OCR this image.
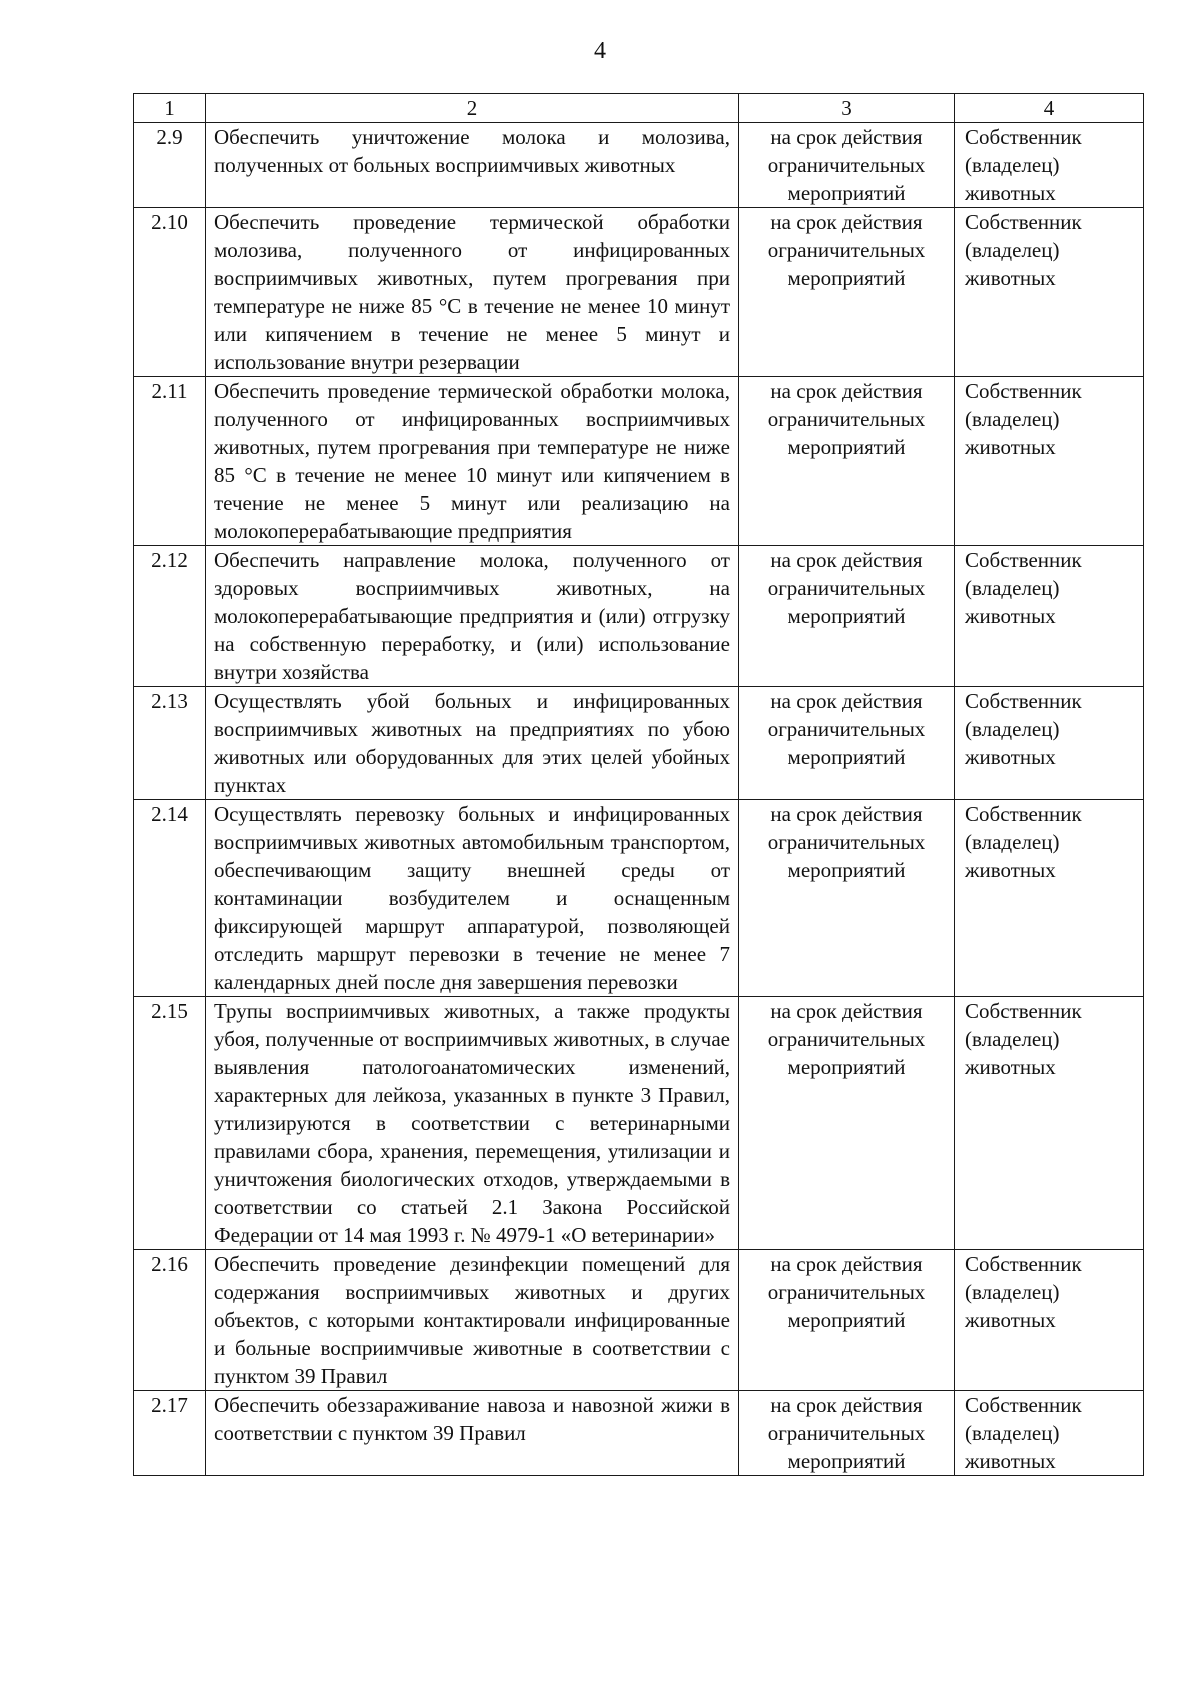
4
1	2	3	4
2.9	Обеспечить уничтожение молока и молозива, полученных от больных восприимчивых животных	на срок действия ограничительных мероприятий	Собственник (владелец) животных
2.10	Обеспечить проведение термической обработки молозива, полученного от инфицированных восприимчивых животных, путем прогревания при температуре не ниже 85 °С в течение не менее 10 минут или кипячением в течение не менее 5 минут и использование внутри резервации	на срок действия ограничительных мероприятий	Собственник (владелец) животных
2.11	Обеспечить проведение термической обработки молока, полученного от инфицированных восприимчивых животных, путем прогревания при температуре не ниже 85 °С в течение не менее 10 минут или кипячением в течение не менее 5 минут или реализацию на молокоперерабатывающие предприятия	на срок действия ограничительных мероприятий	Собственник (владелец) животных
2.12	Обеспечить направление молока, полученного от здоровых восприимчивых животных, на молокоперерабатывающие предприятия и (или) отгрузку на собственную переработку, и (или) использование внутри хозяйства	на срок действия ограничительных мероприятий	Собственник (владелец) животных
2.13	Осуществлять убой больных и инфицированных восприимчивых животных на предприятиях по убою животных или оборудованных для этих целей убойных пунктах	на срок действия ограничительных мероприятий	Собственник (владелец) животных
2.14	Осуществлять перевозку больных и инфицированных восприимчивых животных автомобильным транспортом, обеспечивающим защиту внешней среды от контаминации возбудителем и оснащенным фиксирующей маршрут аппаратурой, позволяющей отследить маршрут перевозки в течение не менее 7 календарных дней после дня завершения перевозки	на срок действия ограничительных мероприятий	Собственник (владелец) животных
2.15	Трупы восприимчивых животных, а также продукты убоя, полученные от восприимчивых животных, в случае выявления патологоанатомических изменений, характерных для лейкоза, указанных в пункте 3 Правил, утилизируются в соответствии с ветеринарными правилами сбора, хранения, перемещения, утилизации и уничтожения биологических отходов, утверждаемыми в соответствии со статьей 2.1 Закона Российской Федерации от 14 мая 1993 г. № 4979-1 «О ветеринарии»	на срок действия ограничительных мероприятий	Собственник (владелец) животных
2.16	Обеспечить проведение дезинфекции помещений для содержания восприимчивых животных и других объектов, с которыми контактировали инфицированные и больные восприимчивые животные в соответствии с пунктом 39 Правил	на срок действия ограничительных мероприятий	Собственник (владелец) животных
2.17	Обеспечить обеззараживание навоза и навозной жижи в соответствии с пунктом 39 Правил	на срок действия ограничительных мероприятий	Собственник (владелец) животных
